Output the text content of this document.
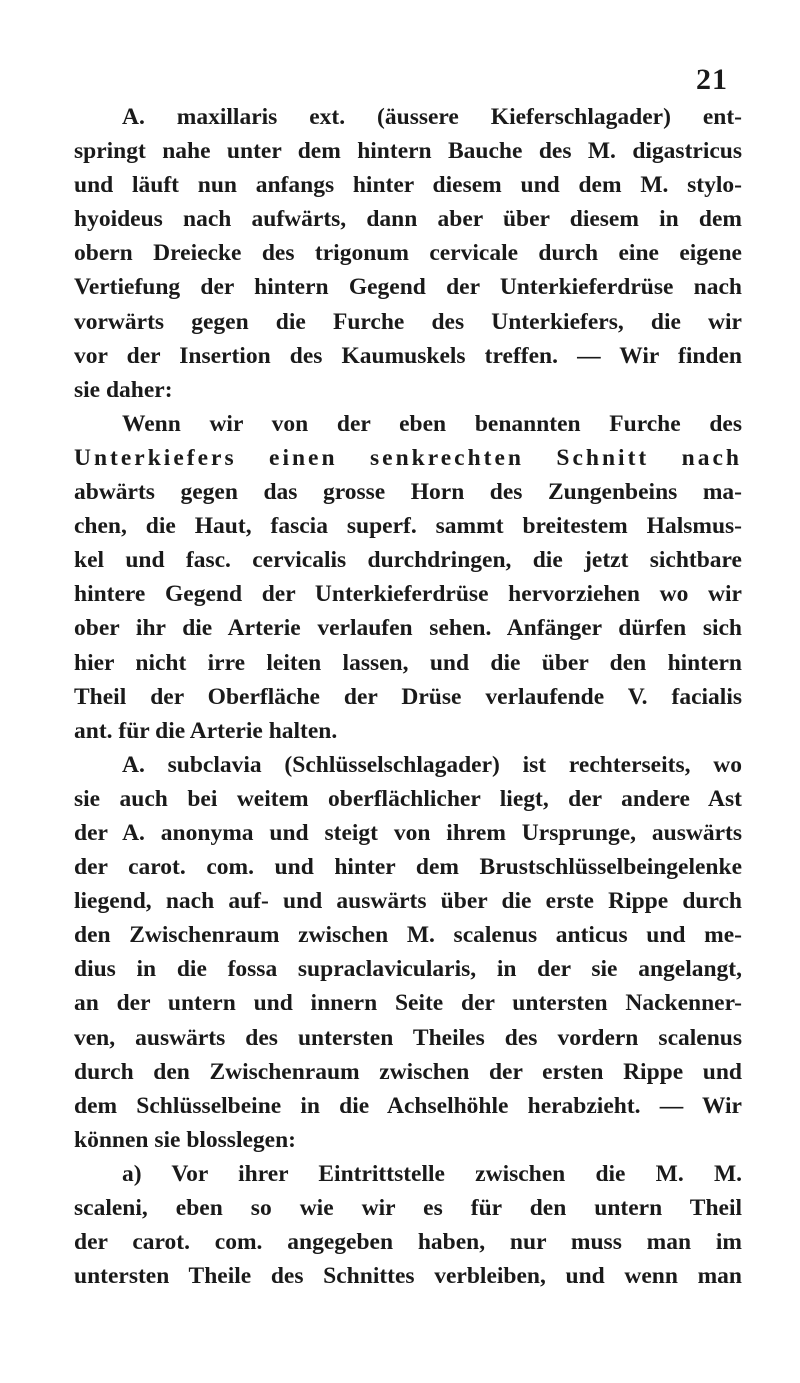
21
A. maxillaris ext. (äussere Kieferschlagader) ent-
springt nahe unter dem hintern Bauche des M. digastricus
und läuft nun anfangs hinter diesem und dem M. stylo-
hyoideus nach aufwärts, dann aber über diesem in dem
obern Dreiecke des trigonum cervicale durch eine eigene
Vertiefung der hintern Gegend der Unterkieferdrüse nach
vorwärts gegen die Furche des Unterkiefers, die wir
vor der Insertion des Kaumuskels treffen. — Wir finden
sie daher:
Wenn wir von der eben benannten Furche des
Unterkiefers einen senkrechten Schnitt nach
abwärts gegen das grosse Horn des Zungenbeins ma-
chen, die Haut, fascia superf. sammt breitestem Halsmus-
kel und fasc. cervicalis durchdringen, die jetzt sichtbare
hintere Gegend der Unterkieferdrüse hervorziehen wo wir
ober ihr die Arterie verlaufen sehen. Anfänger dürfen sich
hier nicht irre leiten lassen, und die über den hintern
Theil der Oberfläche der Drüse verlaufende V. facialis
ant. für die Arterie halten.
A. subclavia (Schlüsselschlagader) ist rechterseits, wo
sie auch bei weitem oberflächlicher liegt, der andere Ast
der A. anonyma und steigt von ihrem Ursprunge, auswärts
der carot. com. und hinter dem Brustschlüsselbeingelenke
liegend, nach auf- und auswärts über die erste Rippe durch
den Zwischenraum zwischen M. scalenus anticus und me-
dius in die fossa supraclavicularis, in der sie angelangt,
an der untern und innern Seite der untersten Nackenner-
ven, auswärts des untersten Theiles des vordern scalenus
durch den Zwischenraum zwischen der ersten Rippe und
dem Schlüsselbeine in die Achselhöhle herabzieht. — Wir
können sie blosslegen:
a) Vor ihrer Eintrittstelle zwischen die M. M.
scaleni, eben so wie wir es für den untern Theil
der carot. com. angegeben haben, nur muss man im
untersten Theile des Schnittes verbleiben, und wenn man
